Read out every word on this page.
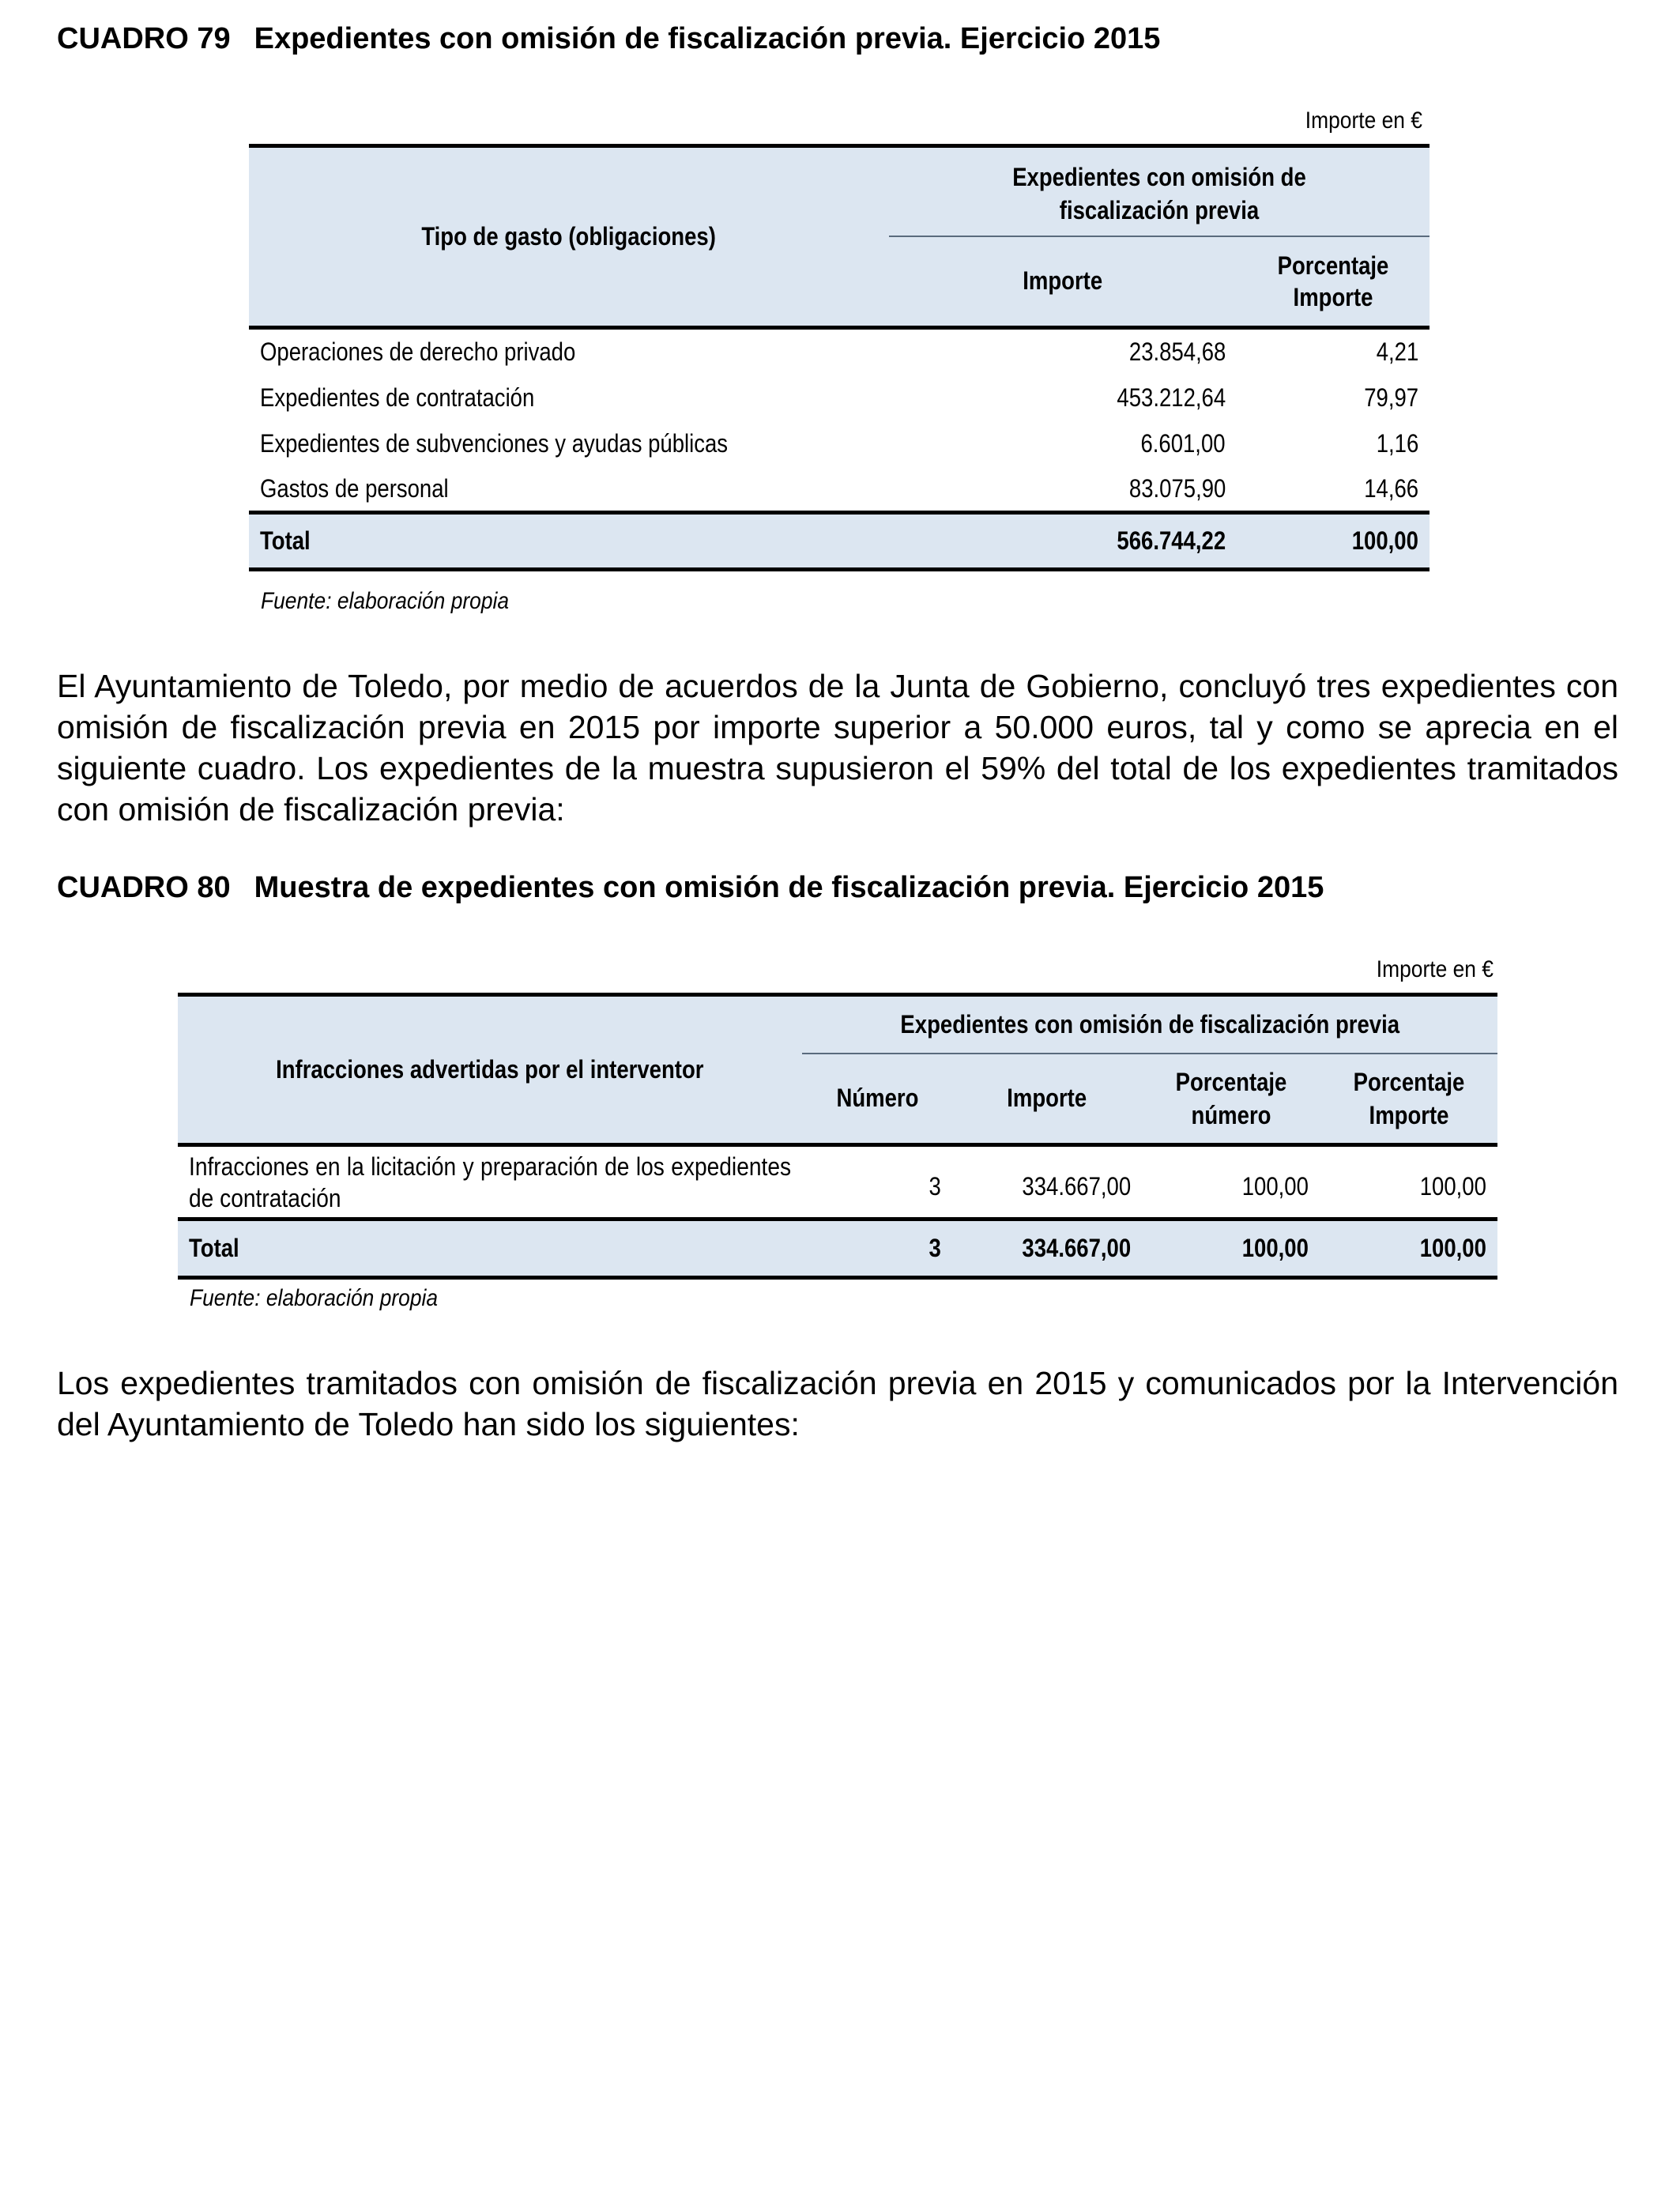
CUADRO 79 Expedientes con omisión de fiscalización previa. Ejercicio 2015
Importe en €
Tipo de gasto (obligaciones)	Expedientes con omisión de fiscalización previa	
	Importe	Porcentaje Importe
Operaciones de derecho privado	23.854,68	4,21
Expedientes de contratación	453.212,64	79,97
Expedientes de subvenciones y ayudas públicas	6.601,00	1,16
Gastos de personal	83.075,90	14,66
Total	566.744,22	100,00
Fuente: elaboración propia

El Ayuntamiento de Toledo, por medio de acuerdos de la Junta de Gobierno, concluyó tres expedientes con omisión de fiscalización previa en 2015 por importe superior a 50.000 euros, tal y como se aprecia en el siguiente cuadro. Los expedientes de la muestra supusieron el 59% del total de los expedientes tramitados con omisión de fiscalización previa:

CUADRO 80 Muestra de expedientes con omisión de fiscalización previa. Ejercicio 2015
Importe en €
Infracciones advertidas por el interventor	Expedientes con omisión de fiscalización previa			
	Número	Importe	Porcentaje número	Porcentaje Importe

Infracciones en la licitación y preparación de los expedientes de contratación	3	334.667,00	100,00	100,00
Total	3	334.667,00	100,00	100,00
Fuente: elaboración propia

Los expedientes tramitados con omisión de fiscalización previa en 2015 y comunicados por la Intervención del Ayuntamiento de Toledo han sido los siguientes:
